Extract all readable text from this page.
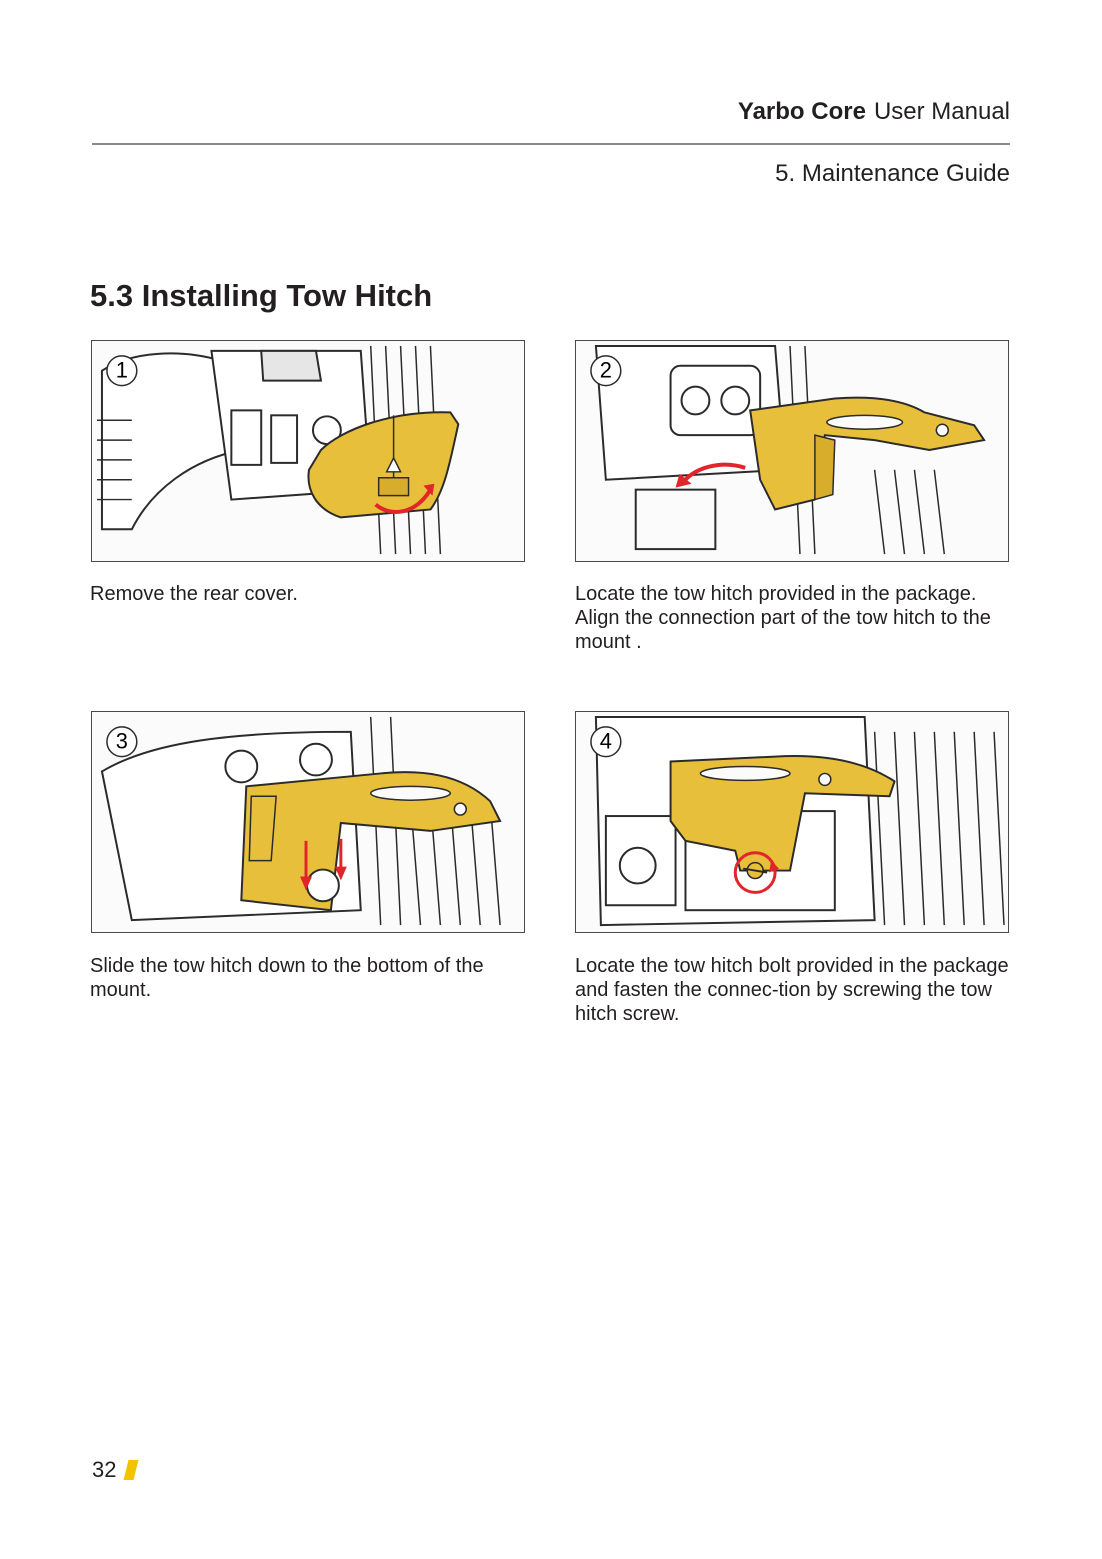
Yarbo Core User Manual
5. Maintenance Guide
5.3 Installing Tow Hitch
1

Remove the rear cover.

2

Locate the tow hitch provided in the package. Align the connection part of the tow hitch to the mount .

3

Slide the tow hitch down to the bottom of the mount.

4

Locate the tow hitch bolt provided in the package and fasten the connec-tion by screwing the tow hitch screw.

32
